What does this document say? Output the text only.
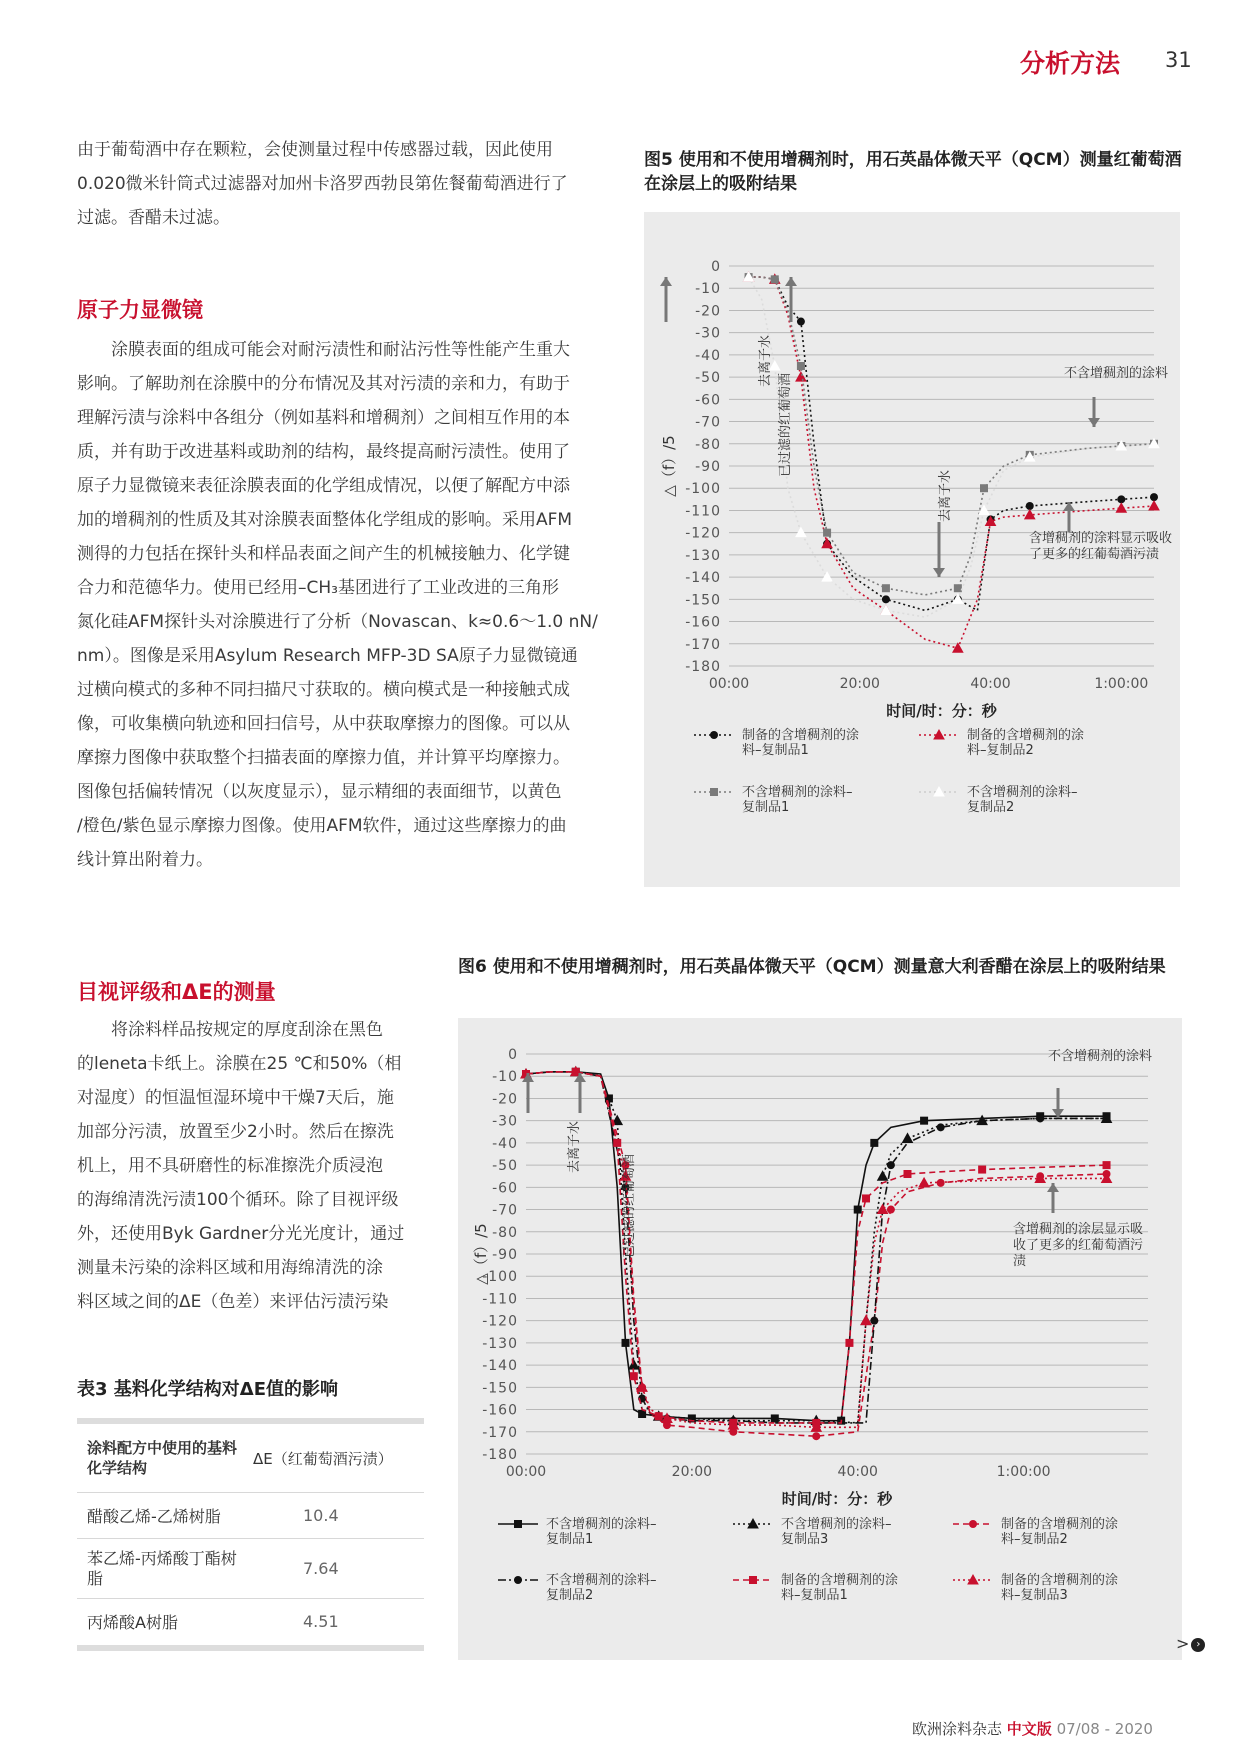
分析方法 31

由于葡萄酒中存在颗粒，会使测量过程中传感器过载，因此使用

0.020微米针筒式过滤器对加州卡洛罗西勃艮第佐餐葡萄酒进行了

过滤。香醋未过滤。

原子力显微镜

　　涂膜表面的组成可能会对耐污渍性和耐沾污性等性能产生重大

影响。了解助剂在涂膜中的分布情况及其对污渍的亲和力，有助于

理解污渍与涂料中各组分（例如基料和增稠剂）之间相互作用的本

质，并有助于改进基料或助剂的结构，最终提高耐污渍性。使用了

原子力显微镜来表征涂膜表面的化学组成情况，以便了解配方中添

加的增稠剂的性质及其对涂膜表面整体化学组成的影响。采用AFM

测得的力包括在探针头和样品表面之间产生的机械接触力、化学键

合力和范德华力。使用已经用–CH₃基团进行了工业改进的三角形

氮化硅AFM探针头对涂膜进行了分析（Novascan、k≈0.6～1.0 nN/

nm）。图像是采用Asylum Research MFP-3D SA原子力显微镜通

过横向模式的多种不同扫描尺寸获取的。横向模式是一种接触式成

像，可收集横向轨迹和回扫信号，从中获取摩擦力的图像。可以从

摩擦力图像中获取整个扫描表面的摩擦力值，并计算平均摩擦力。

图像包括偏转情况（以灰度显示），显示精细的表面细节，以黄色

/橙色/紫色显示摩擦力图像。使用AFM软件，通过这些摩擦力的曲

线计算出附着力。

目视评级和ΔE的测量

　　将涂料样品按规定的厚度刮涂在黑色

的leneta卡纸上。涂膜在25 ℃和50%（相

对湿度）的恒温恒湿环境中干燥7天后，施

加部分污渍，放置至少2小时。然后在擦洗

机上，用不具研磨性的标准擦洗介质浸泡

的海绵清洗污渍100个循环。除了目视评级

外，还使用Byk Gardner分光光度计，通过

测量未污染的涂料区域和用海绵清洗的涂

料区域之间的ΔE（色差）来评估污渍污染

表3 基料化学结构对ΔE值的影响
涂料配方中使用的基料化学结构	ΔE（红葡萄酒污渍）
醋酸乙烯-乙烯树脂	10.4
苯乙烯-丙烯酸丁酯树脂	7.64
丙烯酸A树脂	4.51
图5 使用和不使用增稠剂时，用石英晶体微天平（QCM）测量红葡萄酒在涂层上的吸附结果
0
-10
-20
-30
-40
-50
-60
-70
-80
-90
-100
-110
-120
-130
-140
-150
-160
-170
-180
00:00	20:00	40:00	1:00:00
时间/时：分：秒
△（f）/5
去离子水
已过滤的红葡萄酒
去离子水
不含增稠剂的涂料
含增稠剂的涂料显示吸收
了更多的红葡萄酒污渍
制备的含增稠剂的涂
料–复制品1
制备的含增稠剂的涂
料–复制品2
不含增稠剂的涂料–
复制品1
不含增稠剂的涂料–
复制品2
图6 使用和不使用增稠剂时，用石英晶体微天平（QCM）测量意大利香醋在涂层上的吸附结果
0
-10
-20
-30
-40
-50
-60
-70
-80
-90
-100
-110
-120
-130
-140
-150
-160
-170
-180
00:00	20:00	40:00	1:00:00
时间/时：分：秒
△（f）/5
去离子水
已过滤的红葡萄酒
不含增稠剂的涂料
含增稠剂的涂层显示吸
收了更多的红葡萄酒污
渍
不含增稠剂的涂料–
复制品1
不含增稠剂的涂料–
复制品3
制备的含增稠剂的涂
料–复制品2
不含增稠剂的涂料–
复制品2
制备的含增稠剂的涂
料–复制品1
制备的含增稠剂的涂
料–复制品3
> ›
欧洲涂料杂志 中文版 07/08 - 2020
